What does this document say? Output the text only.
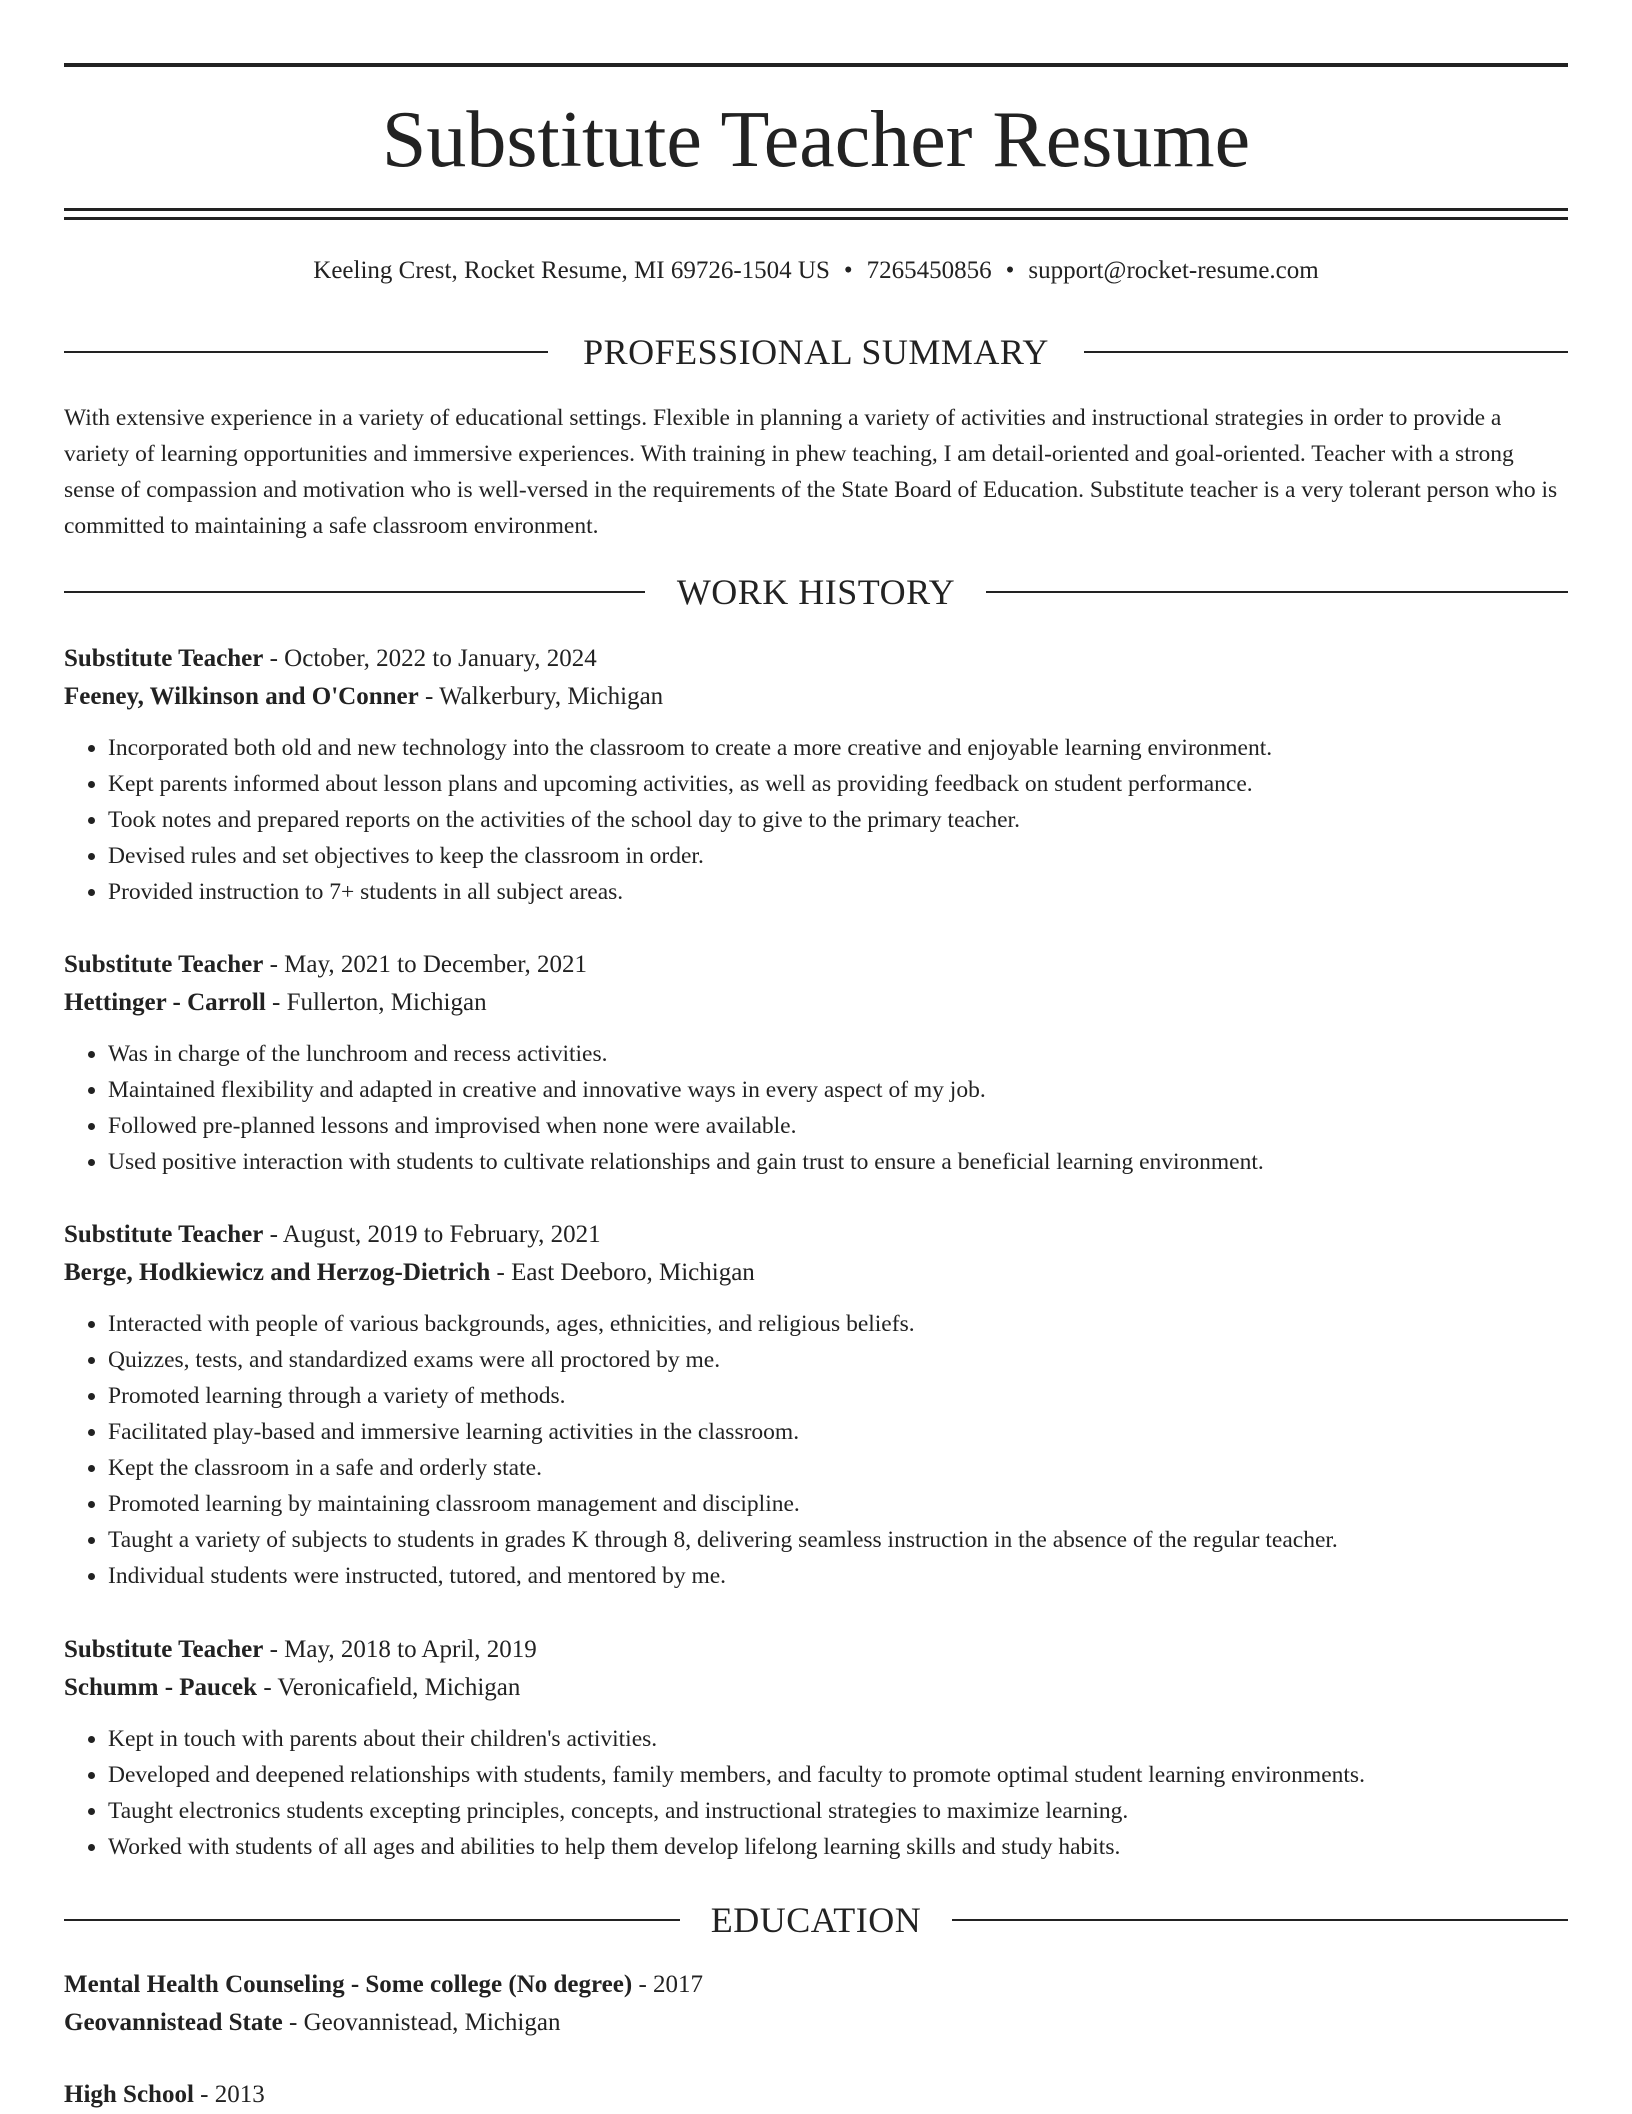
Substitute Teacher Resume
Keeling Crest, Rocket Resume, MI 69726-1504 US • 7265450856 • support@rocket-resume.com
PROFESSIONAL SUMMARY

With extensive experience in a variety of educational settings. Flexible in planning a variety of activities and instructional strategies in order to provide a variety of learning opportunities and immersive experiences. With training in phew teaching, I am detail-oriented and goal-oriented. Teacher with a strong sense of compassion and motivation who is well-versed in the requirements of the State Board of Education. Substitute teacher is a very tolerant person who is committed to maintaining a safe classroom environment.

WORK HISTORY
Substitute Teacher - October, 2022 to January, 2024
Feeney, Wilkinson and O'Conner - Walkerbury, Michigan
• Incorporated both old and new technology into the classroom to create a more creative and enjoyable learning environment.
• Kept parents informed about lesson plans and upcoming activities, as well as providing feedback on student performance.
• Took notes and prepared reports on the activities of the school day to give to the primary teacher.
• Devised rules and set objectives to keep the classroom in order.
• Provided instruction to 7+ students in all subject areas.
Substitute Teacher - May, 2021 to December, 2021
Hettinger - Carroll - Fullerton, Michigan
• Was in charge of the lunchroom and recess activities.
• Maintained flexibility and adapted in creative and innovative ways in every aspect of my job.
• Followed pre-planned lessons and improvised when none were available.
• Used positive interaction with students to cultivate relationships and gain trust to ensure a beneficial learning environment.
Substitute Teacher - August, 2019 to February, 2021
Berge, Hodkiewicz and Herzog-Dietrich - East Deeboro, Michigan
• Interacted with people of various backgrounds, ages, ethnicities, and religious beliefs.
• Quizzes, tests, and standardized exams were all proctored by me.
• Promoted learning through a variety of methods.
• Facilitated play-based and immersive learning activities in the classroom.
• Kept the classroom in a safe and orderly state.
• Promoted learning by maintaining classroom management and discipline.
• Taught a variety of subjects to students in grades K through 8, delivering seamless instruction in the absence of the regular teacher.
• Individual students were instructed, tutored, and mentored by me.
Substitute Teacher - May, 2018 to April, 2019
Schumm - Paucek - Veronicafield, Michigan
• Kept in touch with parents about their children's activities.
• Developed and deepened relationships with students, family members, and faculty to promote optimal student learning environments.
• Taught electronics students excepting principles, concepts, and instructional strategies to maximize learning.
• Worked with students of all ages and abilities to help them develop lifelong learning skills and study habits.
EDUCATION
Mental Health Counseling - Some college (No degree) - 2017
Geovannistead State - Geovannistead, Michigan
High School - 2013
